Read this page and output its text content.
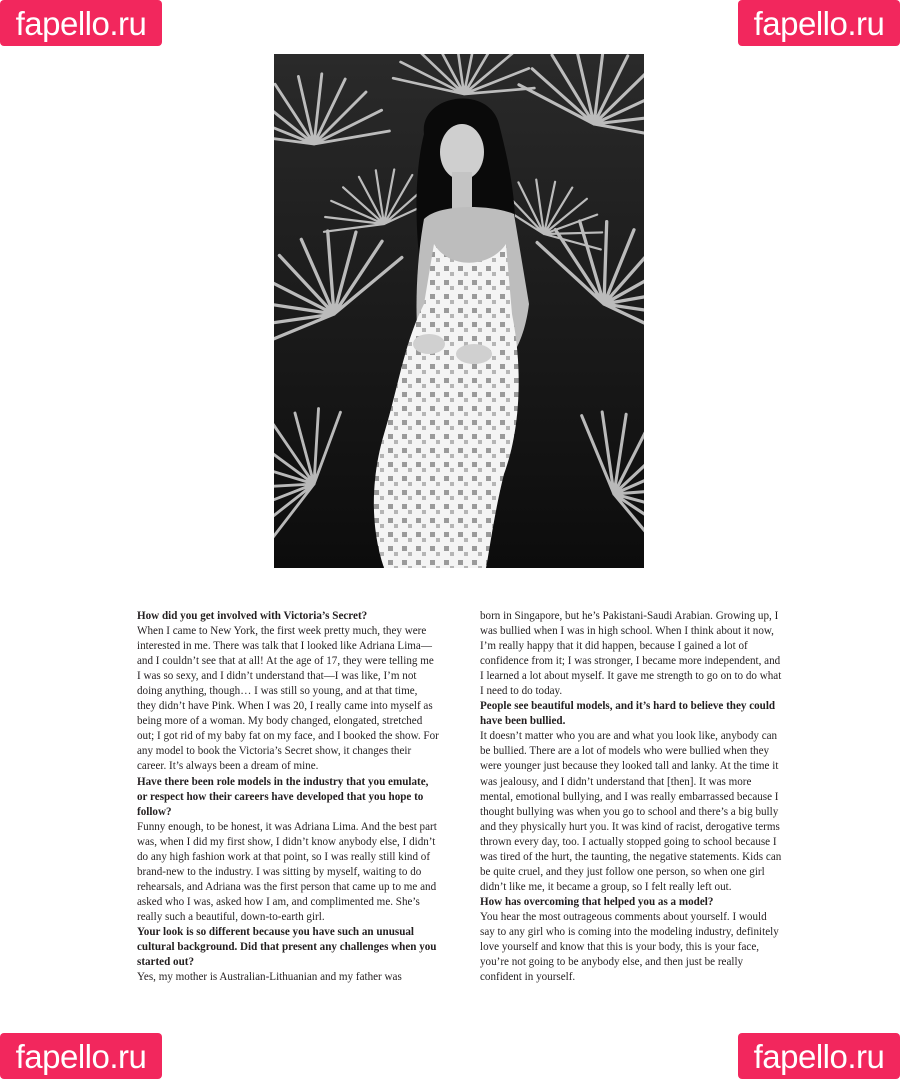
fapello.ru	fapello.ru
fapello.ru	fapello.ru

How did you get involved with Victoria’s Secret?

When I came to New York, the first week pretty much, they were interested in me. There was talk that I looked like Adriana Lima—and I couldn’t see that at all! At the age of 17, they were telling me I was so sexy, and I didn’t understand that—I was like, I’m not doing anything, though… I was still so young, and at that time, they didn’t have Pink. When I was 20, I really came into myself as being more of a woman. My body changed, elongated, stretched out; I got rid of my baby fat on my face, and I booked the show. For any model to book the Victoria’s Secret show, it changes their career. It’s always been a dream of mine.

Have there been role models in the industry that you emulate, or respect how their careers have developed that you hope to follow?

Funny enough, to be honest, it was Adriana Lima. And the best part was, when I did my first show, I didn’t know anybody else, I didn’t do any high fashion work at that point, so I was really still kind of brand-new to the industry. I was sitting by myself, waiting to do rehearsals, and Adriana was the first person that came up to me and asked who I was, asked how I am, and complimented me. She’s really such a beautiful, down-to-earth girl.

Your look is so different because you have such an unusual cultural background. Did that present any challenges when you started out?

Yes, my mother is Australian-Lithuanian and my father was

born in Singapore, but he’s Pakistani-Saudi Arabian. Growing up, I was bullied when I was in high school. When I think about it now, I’m really happy that it did happen, because I gained a lot of confidence from it; I was stronger, I became more independent, and I learned a lot about myself. It gave me strength to go on to do what I need to do today.

People see beautiful models, and it’s hard to believe they could have been bullied.

It doesn’t matter who you are and what you look like, anybody can be bullied. There are a lot of models who were bullied when they were younger just because they looked tall and lanky. At the time it was jealousy, and I didn’t understand that [then]. It was more mental, emotional bullying, and I was really embarrassed because I thought bullying was when you go to school and there’s a big bully and they physically hurt you. It was kind of racist, derogative terms thrown every day, too. I actually stopped going to school because I was tired of the hurt, the taunting, the negative statements. Kids can be quite cruel, and they just follow one person, so when one girl didn’t like me, it became a group, so I felt really left out.

How has overcoming that helped you as a model?

You hear the most outrageous comments about yourself. I would say to any girl who is coming into the modeling industry, definitely love yourself and know that this is your body, this is your face, you’re not going to be anybody else, and then just be really confident in yourself.
